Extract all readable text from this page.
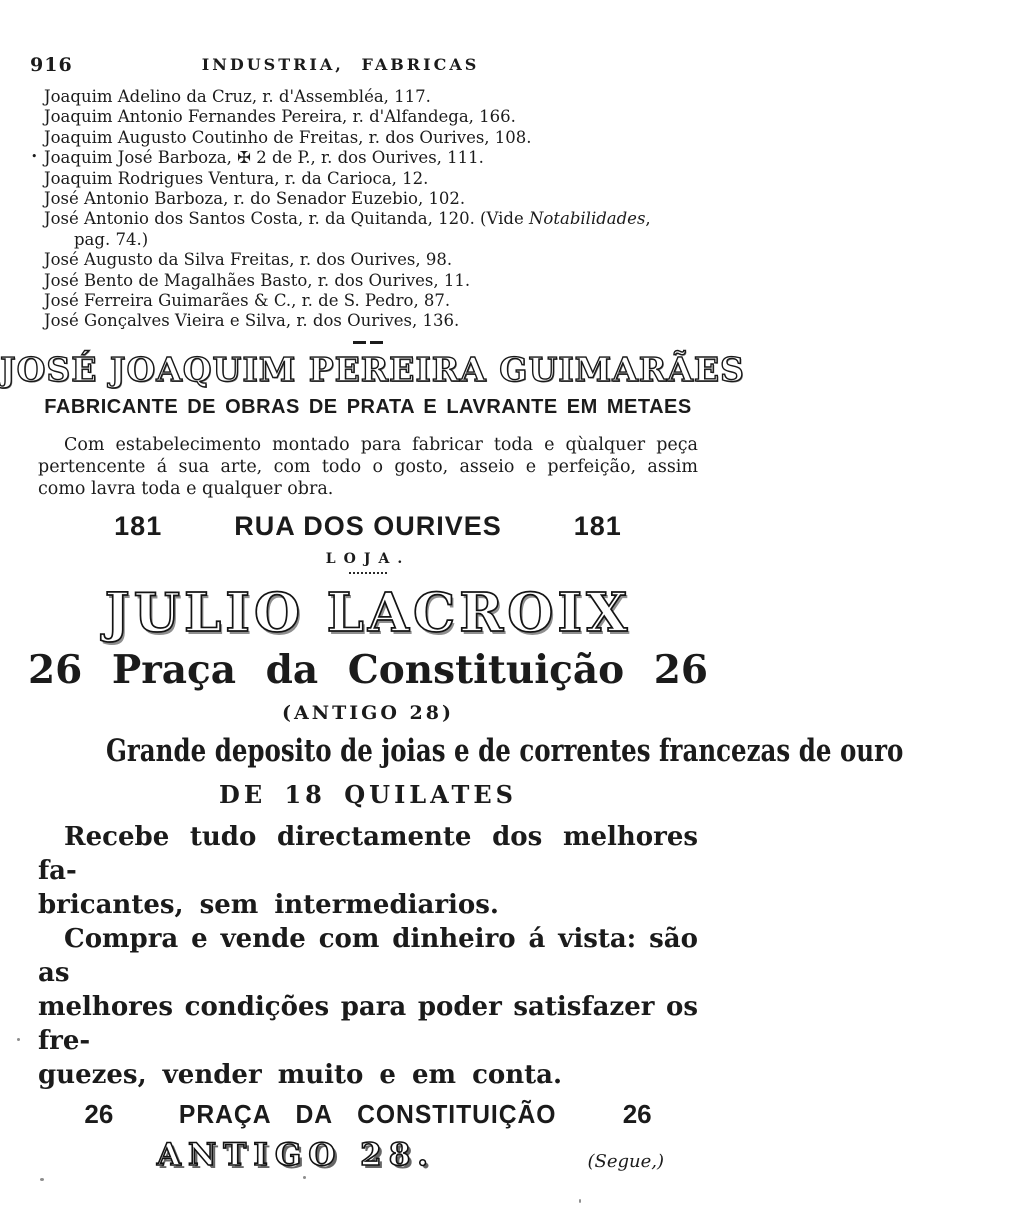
916	INDUSTRIA, FABRICAS
Joaquim Adelino da Cruz, r. d'Assembléa, 117.
Joaquim Antonio Fernandes Pereira, r. d'Alfandega, 166.
Joaquim Augusto Coutinho de Freitas, r. dos Ourives, 108.
• Joaquim José Barboza, ✠ 2 de P., r. dos Ourives, 111.
Joaquim Rodrigues Ventura, r. da Carioca, 12.
José Antonio Barboza, r. do Senador Euzebio, 102.
José Antonio dos Santos Costa, r. da Quitanda, 120. (Vide Notabilidades,
pag. 74.)
José Augusto da Silva Freitas, r. dos Ourives, 98.
José Bento de Magalhães Basto, r. dos Ourives, 11.
José Ferreira Guimarães & C., r. de S. Pedro, 87.
José Gonçalves Vieira e Silva, r. dos Ourives, 136.
JOSÉ JOAQUIM PEREIRA GUIMARÃES
FABRICANTE DE OBRAS DE PRATA E LAVRANTE EM METAES
Com estabelecimento montado para fabricar toda e qùalquer peça
pertencente á sua arte, com todo o gosto, asseio e perfeição, assim
como lavra toda e qualquer obra.
181	RUA DOS OURIVES	181
LOJA.
JULIO LACROIX
26 Praça da Constituição 26
(ANTIGO 28)
Grande deposito de joias e de correntes francezas de ouro
DE 18 QUILATES
Recebe tudo directamente dos melhores fa-
bricantes, sem intermediarios.
Compra e vende com dinheiro á vista: são as
melhores condições para poder satisfazer os fre-
guezes, vender muito e em conta.
26	PRAÇA DA CONSTITUIÇÃO	26
ANTIGO 28.	(Segue,)
